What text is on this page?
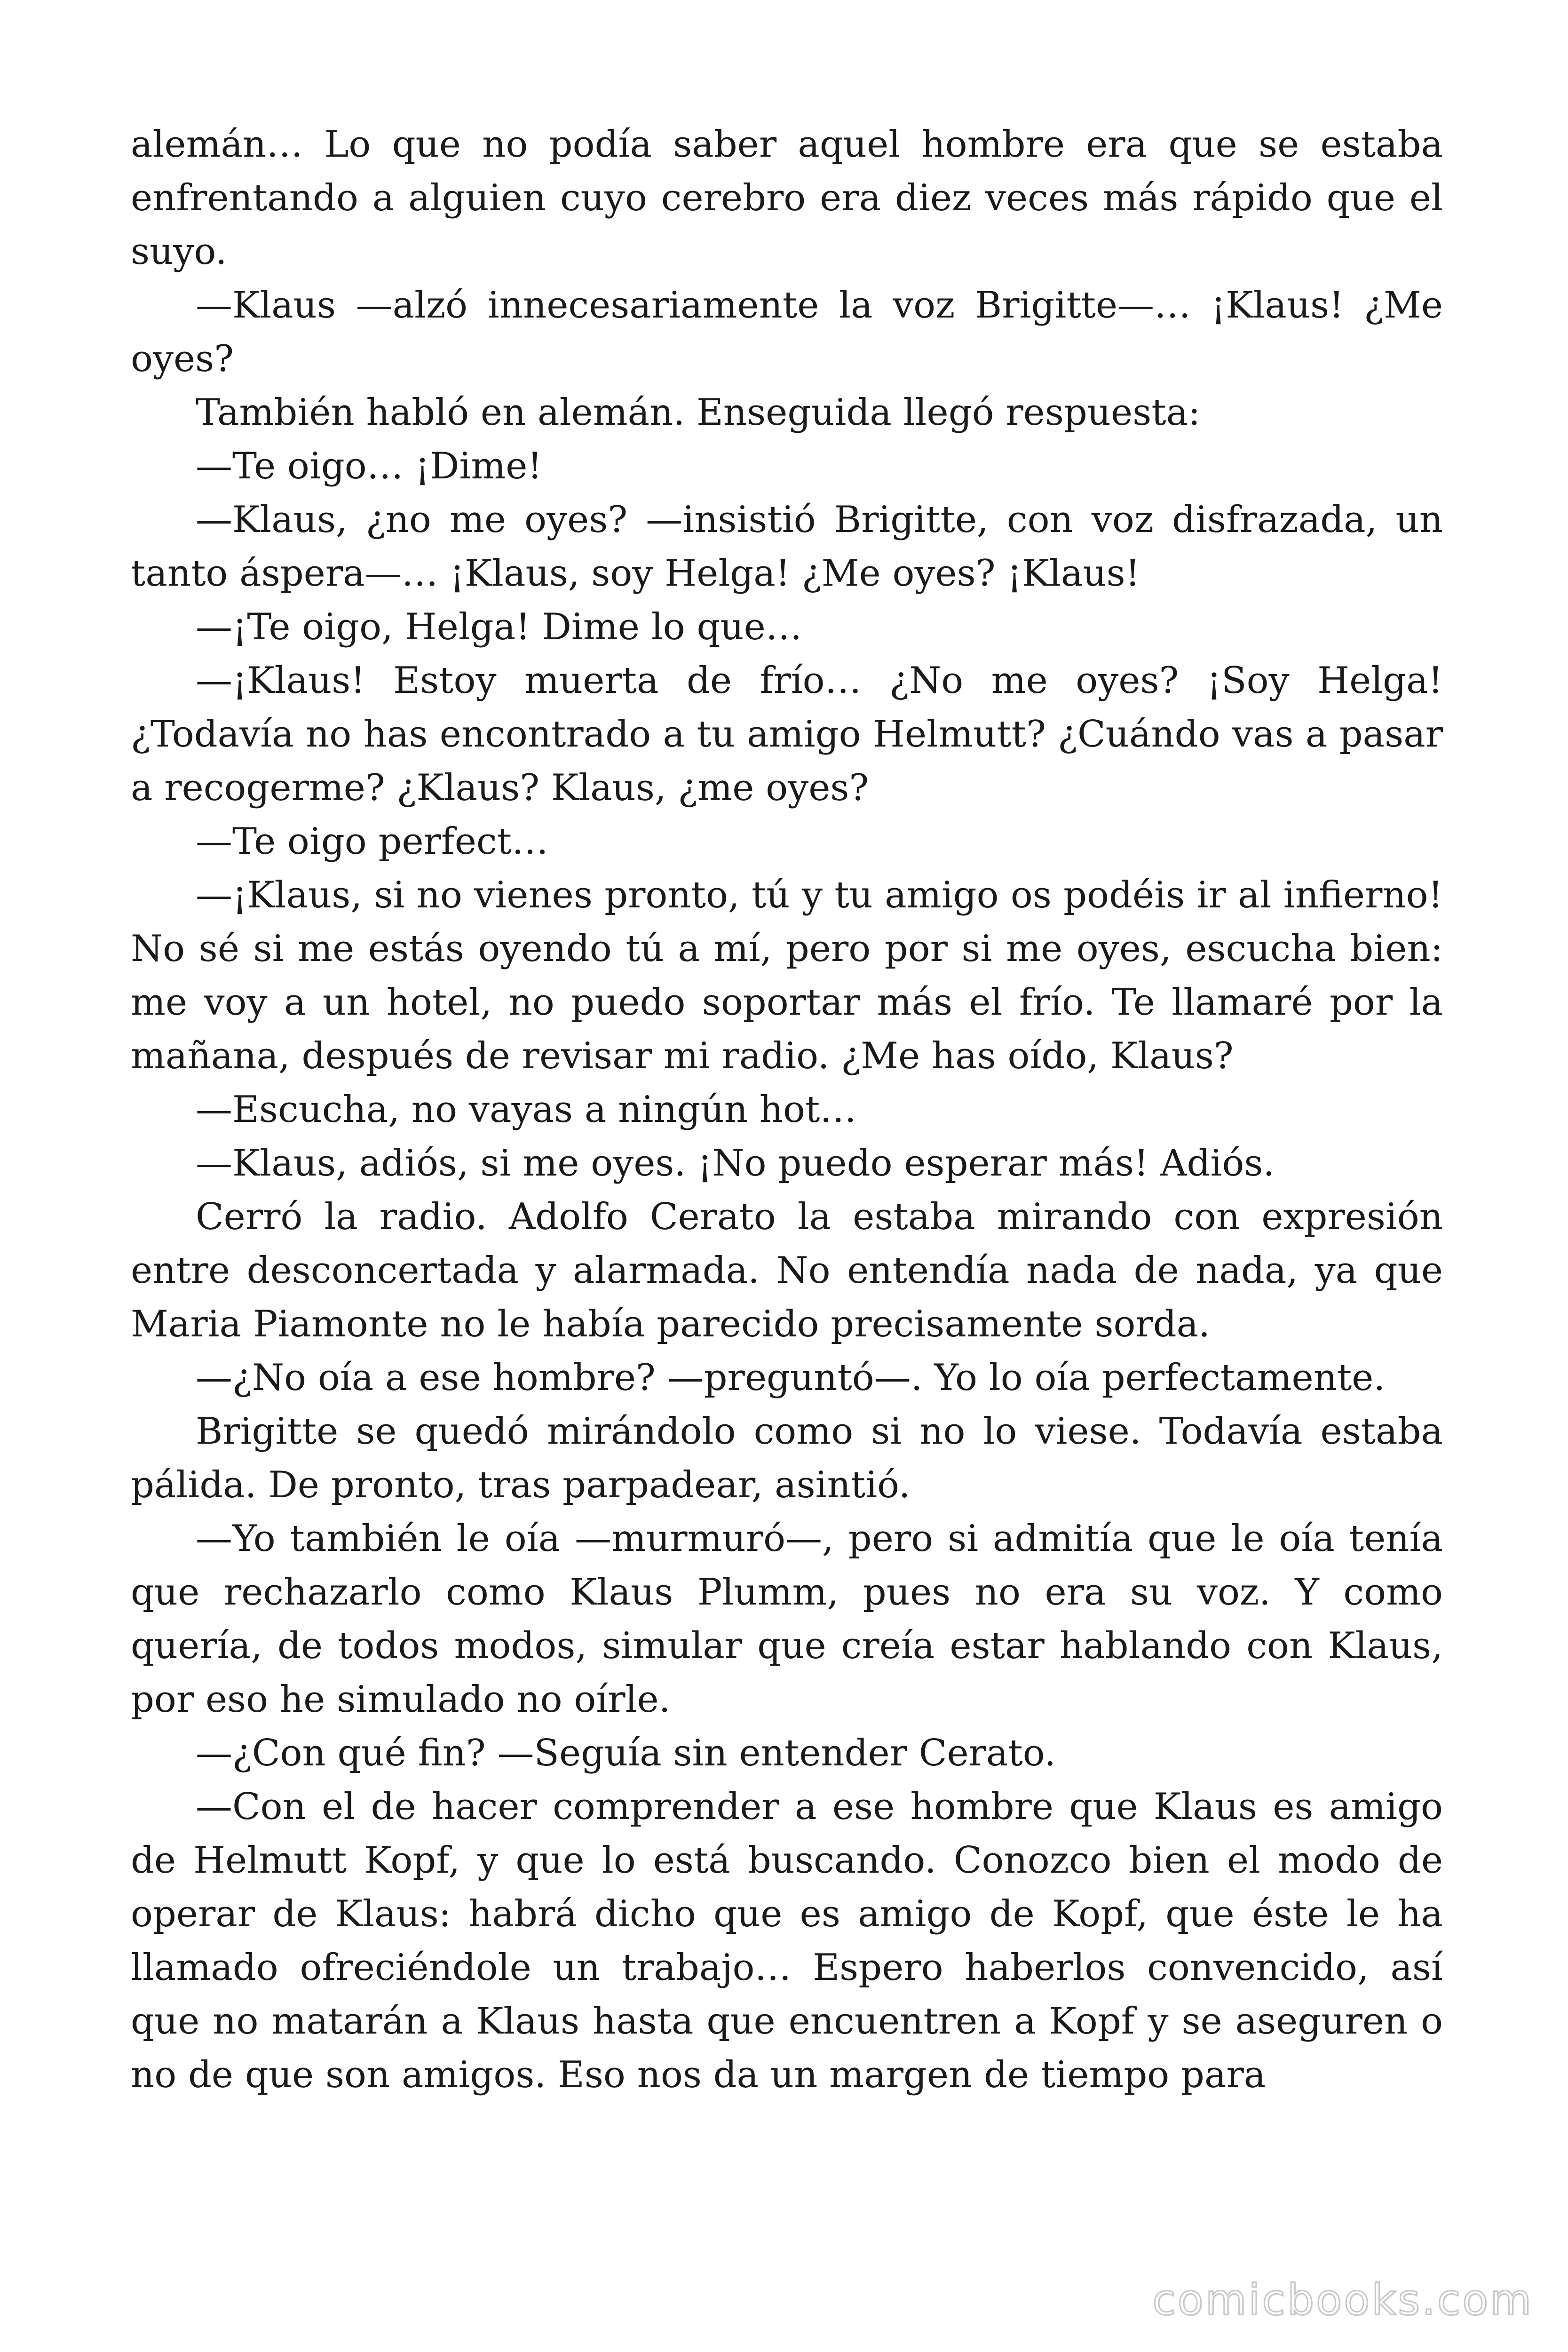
alemán… Lo que no podía saber aquel hombre era que se estaba enfrentando a alguien cuyo cerebro era diez veces más rápido que el suyo.

—Klaus —alzó innecesariamente la voz Brigitte—… ¡Klaus! ¿Me oyes?

También habló en alemán. Enseguida llegó respuesta:

—Te oigo… ¡Dime!

—Klaus, ¿no me oyes? —insistió Brigitte, con voz disfrazada, un tanto áspera—… ¡Klaus, soy Helga! ¿Me oyes? ¡Klaus!

—¡Te oigo, Helga! Dime lo que…

—¡Klaus! Estoy muerta de frío… ¿No me oyes? ¡Soy Helga! ¿Todavía no has encontrado a tu amigo Helmutt? ¿Cuándo vas a pasar a recogerme? ¿Klaus? Klaus, ¿me oyes?

—Te oigo perfect…

—¡Klaus, si no vienes pronto, tú y tu amigo os podéis ir al infierno! No sé si me estás oyendo tú a mí, pero por si me oyes, escucha bien: me voy a un hotel, no puedo soportar más el frío. Te llamaré por la mañana, después de revisar mi radio. ¿Me has oído, Klaus?

—Escucha, no vayas a ningún hot…

—Klaus, adiós, si me oyes. ¡No puedo esperar más! Adiós.

Cerró la radio. Adolfo Cerato la estaba mirando con expresión entre desconcertada y alarmada. No entendía nada de nada, ya que Maria Piamonte no le había parecido precisamente sorda.

—¿No oía a ese hombre? —preguntó—. Yo lo oía perfectamente.

Brigitte se quedó mirándolo como si no lo viese. Todavía estaba pálida. De pronto, tras parpadear, asintió.

—Yo también le oía —murmuró—, pero si admitía que le oía tenía que rechazarlo como Klaus Plumm, pues no era su voz. Y como quería, de todos modos, simular que creía estar hablando con Klaus, por eso he simulado no oírle.

—¿Con qué fin? —Seguía sin entender Cerato.

—Con el de hacer comprender a ese hombre que Klaus es amigo de Helmutt Kopf, y que lo está buscando. Conozco bien el modo de operar de Klaus: habrá dicho que es amigo de Kopf, que éste le ha llamado ofreciéndole un trabajo… Espero haberlos convencido, así que no matarán a Klaus hasta que encuentren a Kopf y se aseguren o no de que son amigos. Eso nos da un margen de tiempo para

comicbooks.com
